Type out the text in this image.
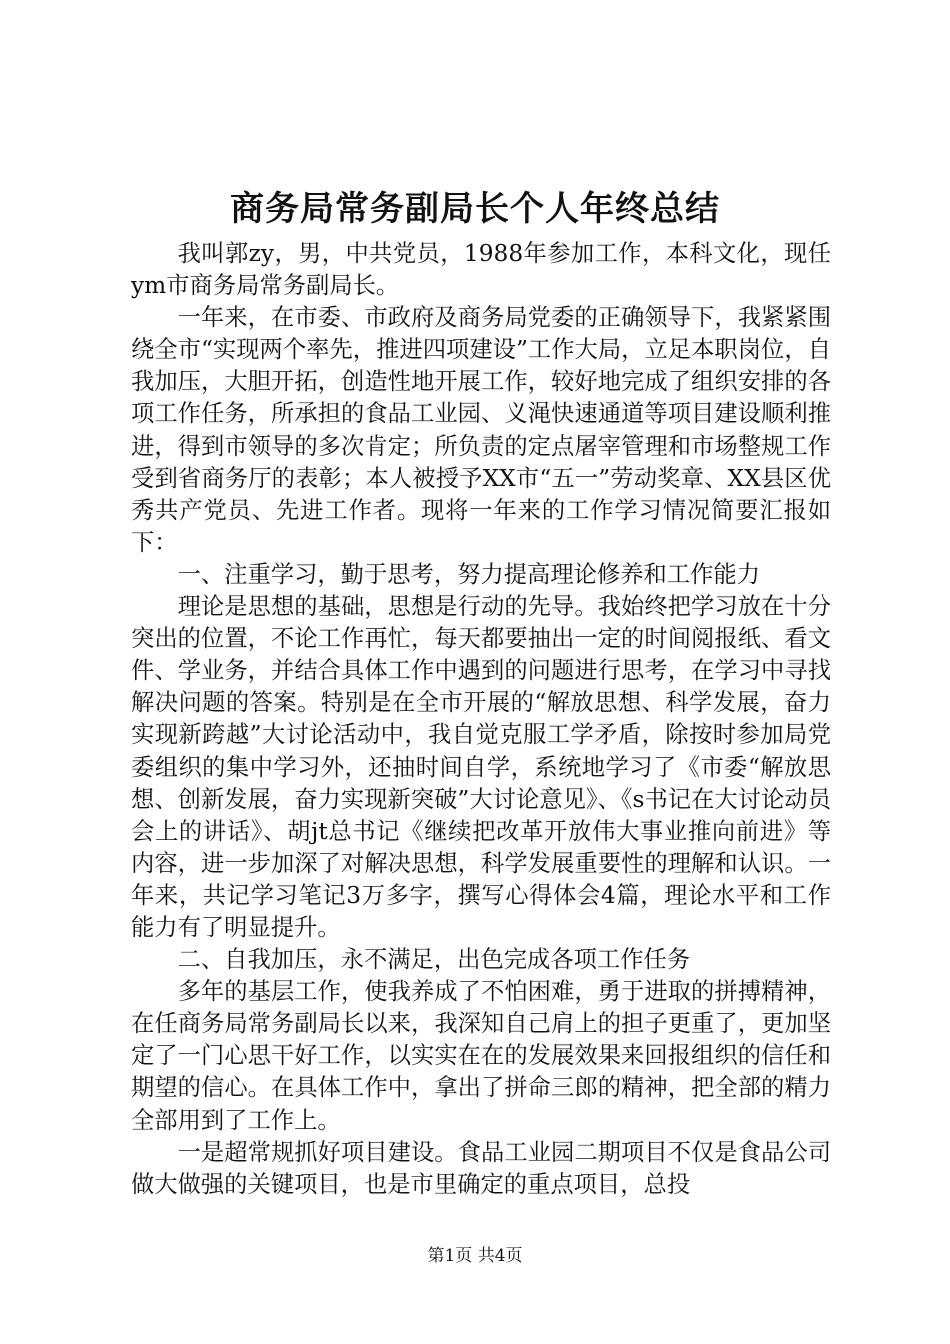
商务局常务副局长个人年终总结

我叫郭zy，男，中共党员，1988年参加工作，本科文化，现任ym市商务局常务副局长。

一年来，在市委、市政府及商务局党委的正确领导下，我紧紧围绕全市“实现两个率先，推进四项建设”工作大局，立足本职岗位，自我加压，大胆开拓，创造性地开展工作，较好地完成了组织安排的各项工作任务，所承担的食品工业园、义渑快速通道等项目建设顺利推进，得到市领导的多次肯定；所负责的定点屠宰管理和市场整规工作受到省商务厅的表彰；本人被授予XX市“五一”劳动奖章、XX县区优秀共产党员、先进工作者。现将一年来的工作学习情况简要汇报如下：

一、注重学习，勤于思考，努力提高理论修养和工作能力

理论是思想的基础，思想是行动的先导。我始终把学习放在十分突出的位置，不论工作再忙，每天都要抽出一定的时间阅报纸、看文件、学业务，并结合具体工作中遇到的问题进行思考，在学习中寻找解决问题的答案。特别是在全市开展的“解放思想、科学发展，奋力实现新跨越”大讨论活动中，我自觉克服工学矛盾，除按时参加局党委组织的集中学习外，还抽时间自学，系统地学习了《市委“解放思想、创新发展，奋力实现新突破”大讨论意见》、《s书记在大讨论动员会上的讲话》、胡jt总书记《继续把改革开放伟大事业推向前进》等内容，进一步加深了对解决思想，科学发展重要性的理解和认识。一年来，共记学习笔记3万多字，撰写心得体会4篇，理论水平和工作能力有了明显提升。

二、自我加压，永不满足，出色完成各项工作任务

多年的基层工作，使我养成了不怕困难，勇于进取的拼搏精神，在任商务局常务副局长以来，我深知自己肩上的担子更重了，更加坚定了一门心思干好工作，以实实在在的发展效果来回报组织的信任和期望的信心。在具体工作中，拿出了拼命三郎的精神，把全部的精力全部用到了工作上。

一是超常规抓好项目建设。食品工业园二期项目不仅是食品公司做大做强的关键项目，也是市里确定的重点项目，总投

第1页 共4页
